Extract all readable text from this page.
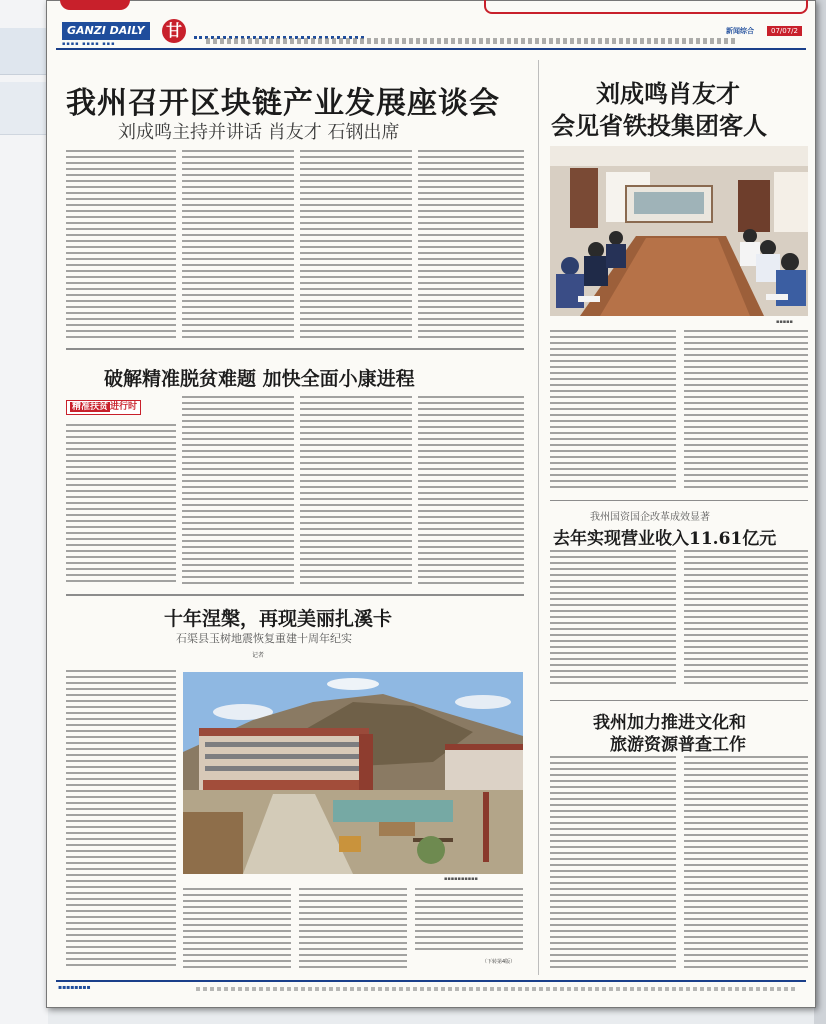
GANZI DAILY
▪▪▪▪ ▪▪▪▪ ▪▪▪
甘	新闻综合	07/07/2
我州召开区块链产业发展座谈会
刘成鸣主持并讲话 肖友才 石钢出席
刘成鸣肖友才
会见省铁投集团客人
▪▪▪▪▪
我州国资国企改革成效显著
去年实现营业收入11.61亿元
我州加力推进文化和
旅游资源普查工作
破解精准脱贫难题 加快全面小康进程
精准扶贫 进行时
十年涅槃，再现美丽扎溪卡
石渠县玉树地震恢复重建十周年纪实
记者
▪▪▪▪▪▪▪▪▪▪
（下转第4版）
▪▪▪▪▪▪▪▪
